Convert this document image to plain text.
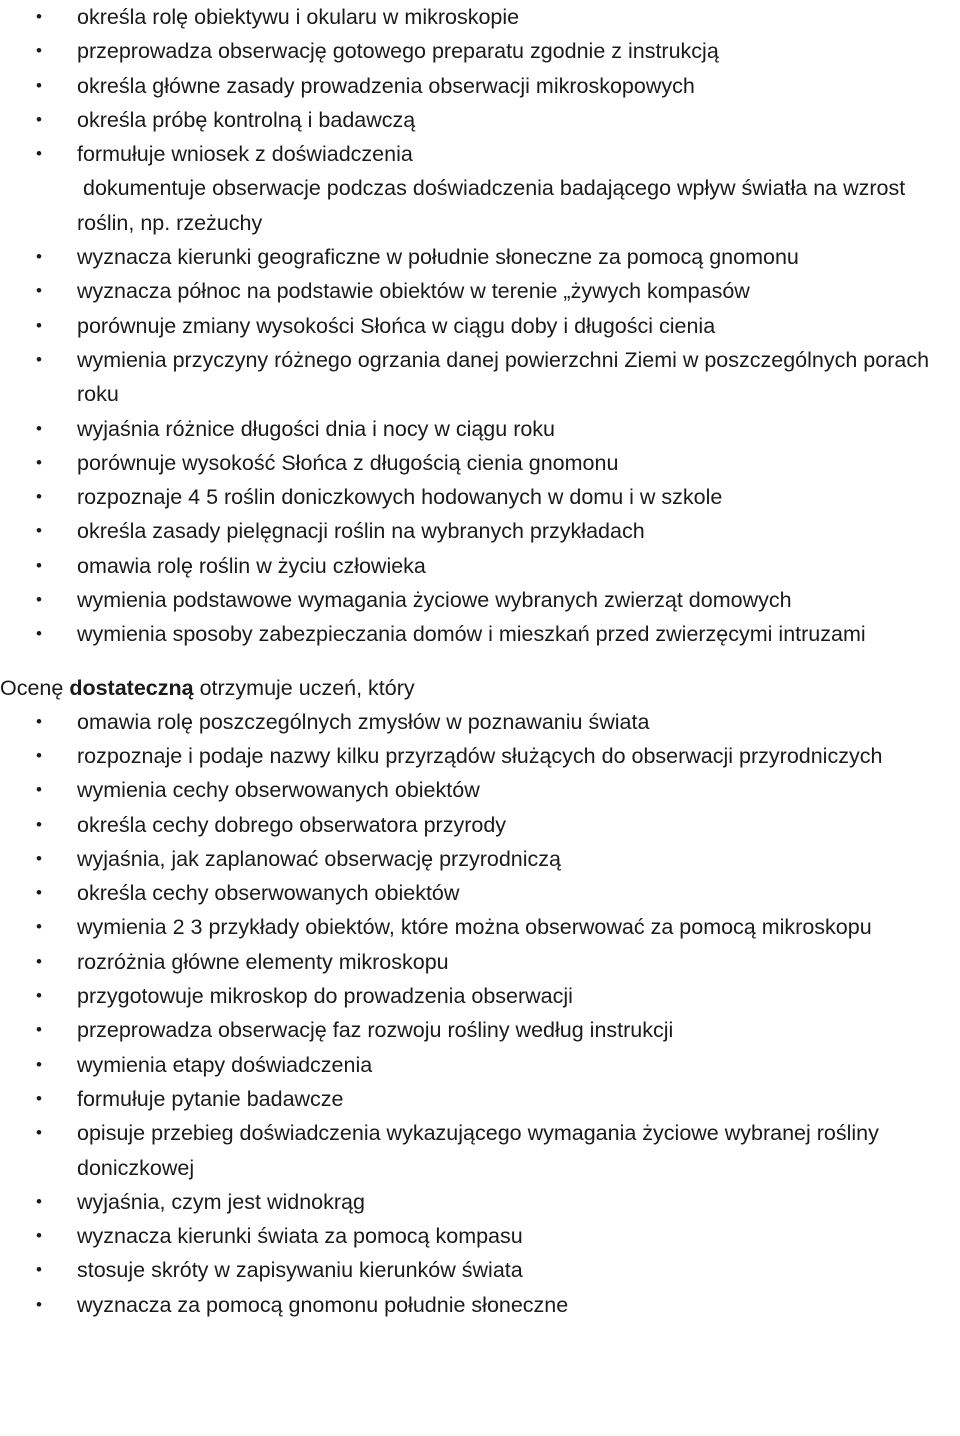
• określa rolę obiektywu i okularu w mikroskopie
• przeprowadza obserwację gotowego preparatu zgodnie z instrukcją
• określa główne zasady prowadzenia obserwacji mikroskopowych
• określa próbę kontrolną i badawczą
• formułuje wniosek z doświadczenia
dokumentuje obserwacje podczas doświadczenia badającego wpływ światła na wzrost roślin, np. rzeżuchy
• wyznacza kierunki geograficzne w południe słoneczne za pomocą gnomonu
• wyznacza północ na podstawie obiektów w terenie „żywych kompasów
• porównuje zmiany wysokości Słońca w ciągu doby i długości cienia
• wymienia przyczyny różnego ogrzania danej powierzchni Ziemi w poszczególnych porach roku
• wyjaśnia różnice długości dnia i nocy w ciągu roku
• porównuje wysokość Słońca z długością cienia gnomonu
• rozpoznaje 4 5 roślin doniczkowych hodowanych w domu i w szkole
• określa zasady pielęgnacji roślin na wybranych przykładach
• omawia rolę roślin w życiu człowieka
• wymienia podstawowe wymagania życiowe wybranych zwierząt domowych
• wymienia sposoby zabezpieczania domów i mieszkań przed zwierzęcymi intruzami

Ocenę dostateczną otrzymuje uczeń, który

• omawia rolę poszczególnych zmysłów w poznawaniu świata
• rozpoznaje i podaje nazwy kilku przyrządów służących do obserwacji przyrodniczych
• wymienia cechy obserwowanych obiektów
• określa cechy dobrego obserwatora przyrody
• wyjaśnia, jak zaplanować obserwację przyrodniczą
• określa cechy obserwowanych obiektów
• wymienia 2 3 przykłady obiektów, które można obserwować za pomocą mikroskopu
• rozróżnia główne elementy mikroskopu
• przygotowuje mikroskop do prowadzenia obserwacji
• przeprowadza obserwację faz rozwoju rośliny według instrukcji
• wymienia etapy doświadczenia
• formułuje pytanie badawcze
• opisuje przebieg doświadczenia wykazującego wymagania życiowe wybranej rośliny doniczkowej
• wyjaśnia, czym jest widnokrąg
• wyznacza kierunki świata za pomocą kompasu
• stosuje skróty w zapisywaniu kierunków świata
• wyznacza za pomocą gnomonu południe słoneczne
